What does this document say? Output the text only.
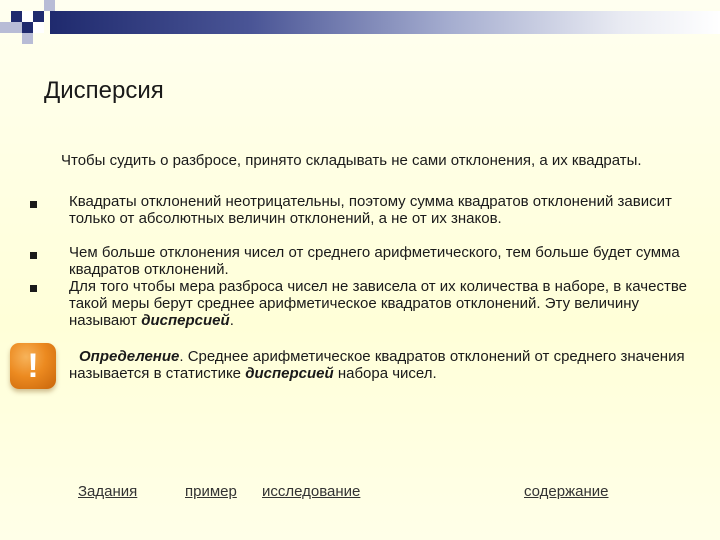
Дисперсия
Чтобы судить о разбросе, принято складывать не сами отклонения, а их квадраты.
Квадраты отклонений неотрицательны, поэтому сумма квадратов отклонений зависит только от абсолютных величин отклонений, а не от их знаков.
Чем больше отклонения чисел от среднего арифметического, тем больше будет сумма квадратов отклонений.
Для того чтобы мера разброса чисел не зависела от их количества в наборе, в качестве такой меры берут среднее арифметическое квадратов отклонений. Эту величину называют дисперсией.
!	Определение. Среднее арифметическое квадратов отклонений от среднего значения называется в статистике дисперсией набора чисел.
Задания	пример исследование	содержание
